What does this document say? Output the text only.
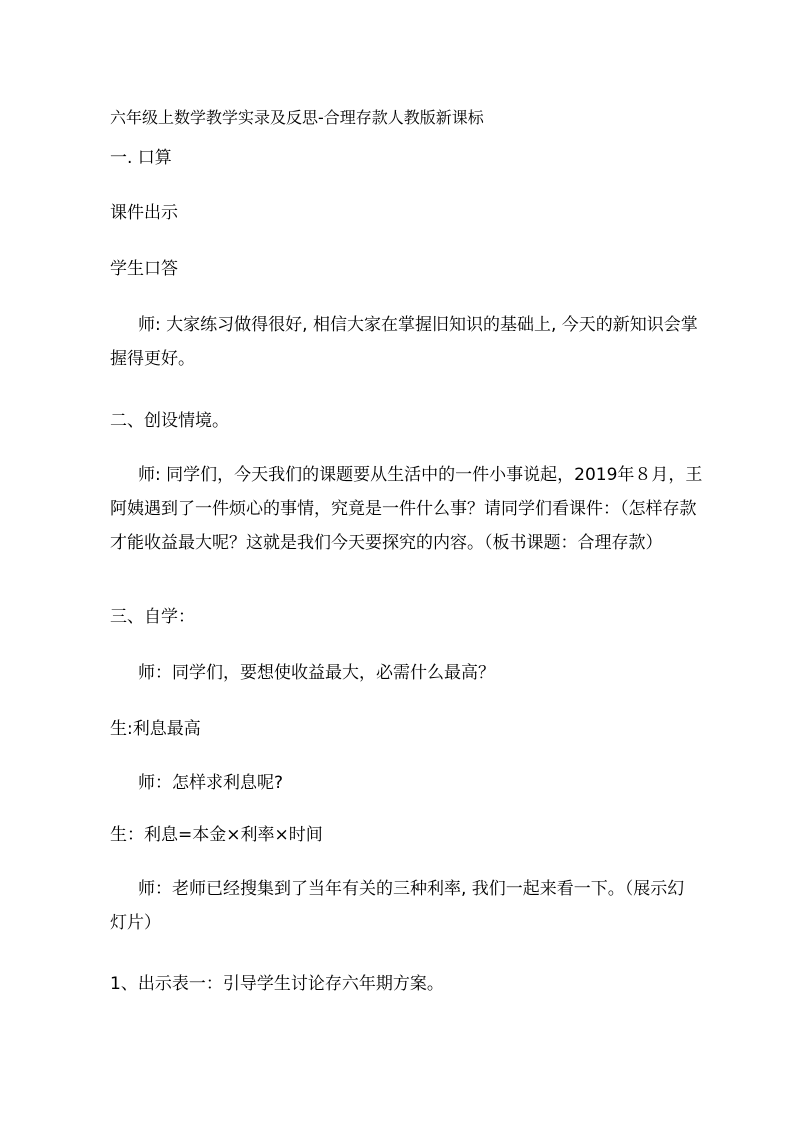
六年级上数学教学实录及反思-合理存款人教版新课标
一. 口算
课件出示
学生口答
师: 大家练习做得很好, 相信大家在掌握旧知识的基础上, 今天的新知识会掌
握得更好。
二、创设情境。
师: 同学们，今天我们的课题要从生活中的一件小事说起，2019年８月，王
阿姨遇到了一件烦心的事情，究竟是一件什么事？请同学们看课件：（怎样存款
才能收益最大呢？这就是我们今天要探究的内容。（板书课题：合理存款）
三、自学：
师：同学们，要想使收益最大，必需什么最高？
生:利息最高
师：怎样求利息呢?
生：利息=本金×利率×时间
师：老师已经搜集到了当年有关的三种利率, 我们一起来看一下。（展示幻
灯片）
1、出示表一：引导学生讨论存六年期方案。
